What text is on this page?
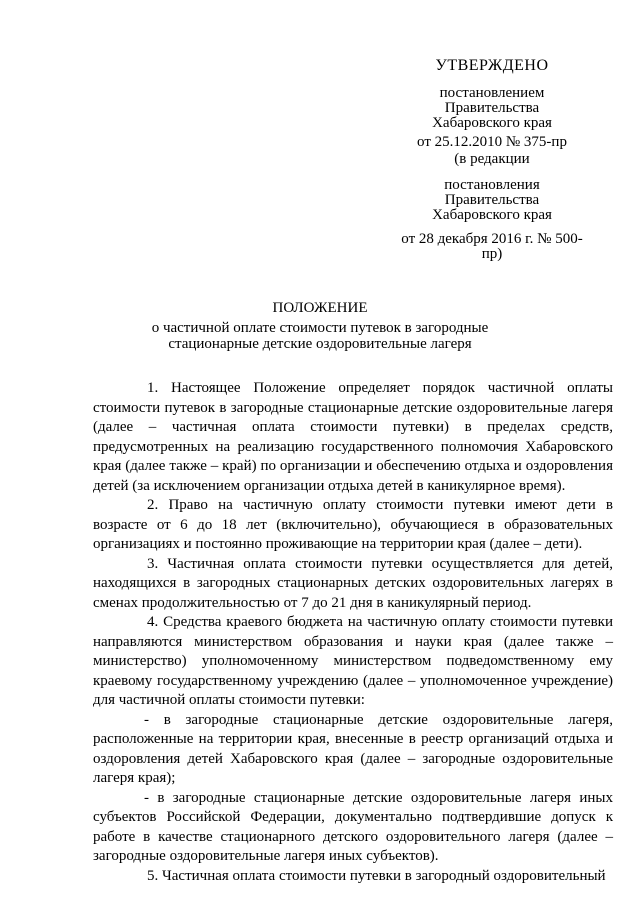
УТВЕРЖДЕНО
постановлением
Правительства
Хабаровского края
от 25.12.2010 № 375-пр
(в редакции
постановления
Правительства
Хабаровского края
от 28 декабря 2016 г. № 500-пр)
ПОЛОЖЕНИЕ
о частичной оплате стоимости путевок в загородные
стационарные детские оздоровительные лагеря

1. Настоящее Положение определяет порядок частичной оплаты стоимости путевок в загородные стационарные детские оздоровительные лагеря (далее – частичная оплата стоимости путевки) в пределах средств, предусмотренных на реализацию государственного полномочия Хабаровского края (далее также – край) по организации и обеспечению отдыха и оздоровления детей (за исключением организации отдыха детей в каникулярное время).

2. Право на частичную оплату стоимости путевки имеют дети в возрасте от 6 до 18 лет (включительно), обучающиеся в образовательных организациях и постоянно проживающие на территории края (далее – дети).

3. Частичная оплата стоимости путевки осуществляется для детей, находящихся в загородных стационарных детских оздоровительных лагерях в сменах продолжительностью от 7 до 21 дня в каникулярный период.

4. Средства краевого бюджета на частичную оплату стоимости путевки направляются министерством образования и науки края (далее также – министерство) уполномоченному министерством подведомственному ему краевому государственному учреждению (далее – уполномоченное учреждение) для частичной оплаты стоимости путевки:

- в загородные стационарные детские оздоровительные лагеря, расположенные на территории края, внесенные в реестр организаций отдыха и оздоровления детей Хабаровского края (далее – загородные оздоровительные лагеря края);

- в загородные стационарные детские оздоровительные лагеря иных субъектов Российской Федерации, документально подтвердившие допуск к работе в качестве стационарного детского оздоровительного лагеря (далее – загородные оздоровительные лагеря иных субъектов).

5. Частичная оплата стоимости путевки в загородный оздоровительный
